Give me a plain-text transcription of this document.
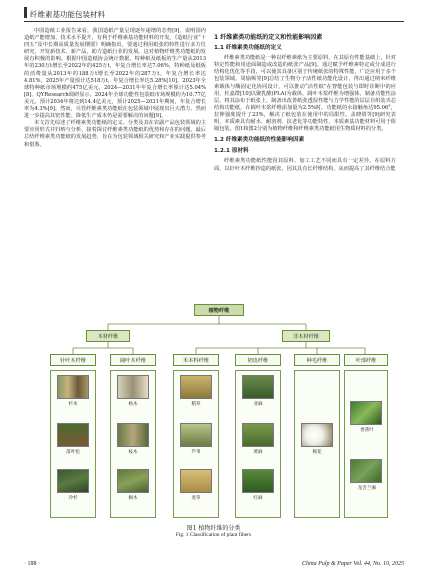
纤维素基功能包装材料

中国造纸工业报告来看，我国造纸产量呈现逐年递增的态势[9]，说明国内造纸产能增加，技术水平提升，有利于纤维素基功能材料的开发。《造纸行业“十四五”及中长期高质量发展纲要》明确指出，要通过利用纸张的特性进行多方位研究，开发新技术、新产品，助力造纸行业的发展。这对植物纤维类功能纸的发展有积极的影响。根据中国造纸协会统计数据，特种纸及纸板的生产量从2013年的230万t增长至2022年的425万t，年复合增长率达7.06%，特种纸及纸板的消费量从2013年的188万t增长至2022年的287万t，年复合增长率达4.81%。2025年产量预计达518万t，年复合增长率达5.28%[10]。2023年全球特种纸市场规模约475亿美元，2024—2031年年复合增长率预计达5.04%[8]。QYResearch调研显示，2024年全球功能性包装纸市场规模约为10.77亿美元，预计2034年将达到14.4亿美元，预计2025—2031年期间，年复合增长率为4.3%[9]。然而，尽管纤维素类功能纸在包装领域中展现出巨大潜力，然而进一步提高其密性能、降低生产成本仍是需要解决的问题[9]。

本文首先综述了纤维素类功能纸的定义、分类及其在农副产品包装领域的主要应用形式并归纳与分析，接着探讨纤维素类功能纸的优势和存在的问题，最后总结纤维素类功能纸的发展趋势，旨在为包装领域相关研究和产业实践提供参考和借鉴。

1 纤维素类功能纸的定义和性能影响因素

1.1 纤维素类功能纸的定义

纤维素类功能纸是一种以纤维素纸为主要原料，在其原有性能基础上，针对特定性能和用途面制造或改造的纸张产品[9]。通过赋予纤维素特定或分成进行结构化优化等手段，可以使其具备区别于传统纸张的特殊性能，广泛应用于多个包装领域。周愉频等[9]总结了生物分子活性纸功能化设计，得出通过纳米纤维素载体与酶固定化协同设计，可以推动“活性纸”在智能包装与即时诊断中的应用。杜嘉群[10]以聚乳酸(PLA)为载体，阔叶木浆纤维为增强体，制备功能性涂层，将其涂布于纸张上，制备出改善纸张透湿性能与力学性能的层层自组装夹芯结构功能纸，在阔叶木浆纤维添加量为2.5%时，功能纸的水接触角达95.06°，拉伸强度提升了23%，解决了纸包装在使用中的局限性。盖晓倩等[9]研究表明，本质素具有耐水、耐溶剂、抗老化等功能特性，本质素基功能材料可用于阻隔包装。图1和图2分别为植物纤维和纤维素类功能纸用生物质材料的分类。

1.2 纤维素类功能纸的性能影响因素

1.2.1 原材料

纤维素类功能纸性能因其原料、加工工艺不同而具有一定差异。在原料方面，以针叶木纤维抄造的纸张，因其具有长纤维结构，从而提高了其纤维结合能

植物纤维
木材纤维	非木材纤维
针叶木纤维	阔叶木纤维	禾本科纤维	韧皮纤维	种毛纤维	叶部纤维
杉木
落叶松
冷杉
杨木
桉木
枫木
稻草
芦苇
麦草
亚麻
黄麻
红麻
棉花
香蕉叶
龙舌兰麻
图1 植物纤维的分类
Fig. 1 Classification of plant fibers
· 188 ·	China Pulp & Paper Vol. 44, No. 10, 2025
